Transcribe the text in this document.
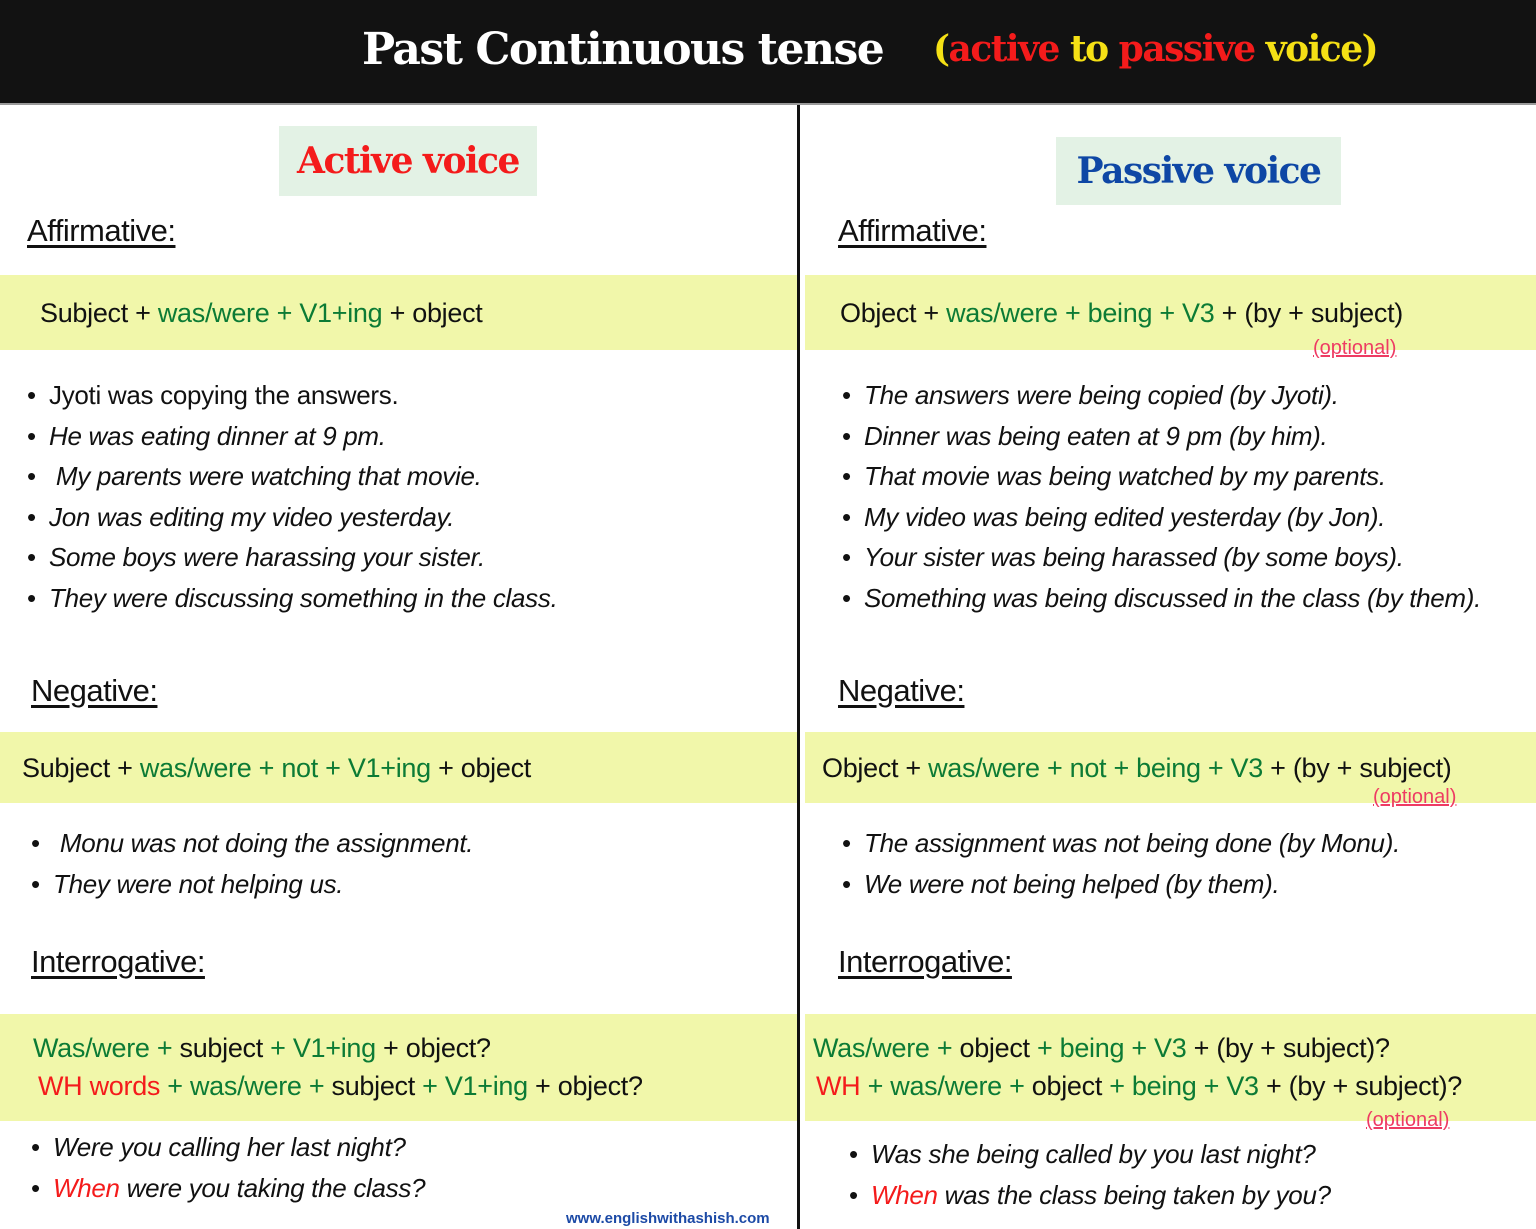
Past Continuous tense (active to passive voice)
Active voice
Affirmative:
Subject + was/were + V1+ing + object
• Jyoti was copying the answers.
• He was eating dinner at 9 pm.
• My parents were watching that movie.
• Jon was editing my video yesterday.
• Some boys were harassing your sister.
• They were discussing something in the class.
Negative:
Subject + was/were + not + V1+ing + object
• Monu was not doing the assignment.
• They were not helping us.
Interrogative:
Was/were + subject + V1+ing + object?
WH words + was/were + subject + V1+ing + object?
• Were you calling her last night?
• When were you taking the class?
Passive voice
Affirmative:
Object + was/were + being + V3 + (by + subject)
(optional)
• The answers were being copied (by Jyoti).
• Dinner was being eaten at 9 pm (by him).
• That movie was being watched by my parents.
• My video was being edited yesterday (by Jon).
• Your sister was being harassed (by some boys).
• Something was being discussed in the class (by them).
Negative:
Object + was/were + not + being + V3 + (by + subject)
(optional)
• The assignment was not being done (by Monu).
• We were not being helped (by them).
Interrogative:
Was/were + object + being + V3 + (by + subject)?
WH + was/were + object + being + V3 + (by + subject)?
(optional)
• Was she being called by you last night?
• When was the class being taken by you?
www.englishwithashish.com
